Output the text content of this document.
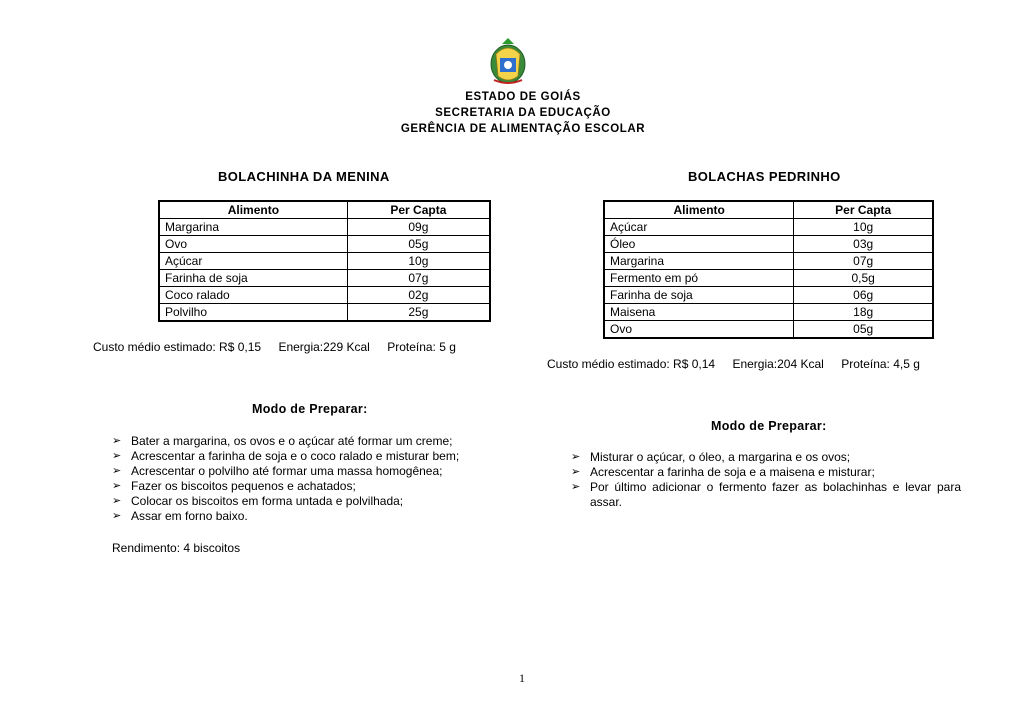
ESTADO DE GOIÁS
SECRETARIA DA EDUCAÇÃO
GERÊNCIA DE ALIMENTAÇÃO ESCOLAR
BOLACHINHA DA MENINA
Alimento	Per Capta
Margarina	09g
Ovo	05g
Açúcar	10g
Farinha de soja	07g
Coco ralado	02g
Polvilho	25g
Custo médio estimado: R$ 0,15 Energia:229 Kcal Proteína: 5 g
Modo de Preparar:
➢ Bater a margarina, os ovos e o açúcar até formar um creme;
➢ Acrescentar a farinha de soja e o coco ralado e misturar bem;
➢ Acrescentar o polvilho até formar uma massa homogênea;
➢ Fazer os biscoitos pequenos e achatados;
➢ Colocar os biscoitos em forma untada e polvilhada;
➢ Assar em forno baixo.
Rendimento: 4 biscoitos
BOLACHAS PEDRINHO
Alimento	Per Capta
Açúcar	10g
Óleo	03g
Margarina	07g
Fermento em pó	0,5g
Farinha de soja	06g
Maisena	18g
Ovo	05g
Custo médio estimado: R$ 0,14 Energia:204 Kcal Proteína: 4,5 g
Modo de Preparar:
➢ Misturar o açúcar, o óleo, a margarina e os ovos;
➢ Acrescentar a farinha de soja e a maisena e misturar;
➢ Por último adicionar o fermento fazer as bolachinhas e levar para assar.
1
